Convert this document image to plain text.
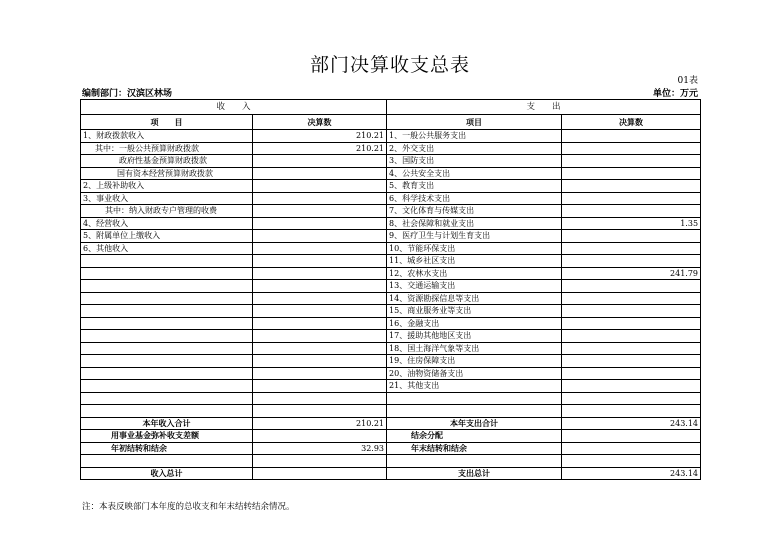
部门决算收支总表
01表
编制部门：汉滨区林场	单位：万元
收　　入		支　　出	
项　　目	决算数	项目	决算数
1、财政拨款收入	210.21	1、一般公共服务支出	
其中：一般公共预算财政拨款	210.21	2、外交支出	
政府性基金预算财政拨款		3、国防支出	
国有资本经营预算财政拨款		4、公共安全支出	
2、上级补助收入		5、教育支出	
3、事业收入		6、科学技术支出	
其中：纳入财政专户管理的收费		7、文化体育与传媒支出	
4、经营收入		8、社会保障和就业支出	1.35
5、附属单位上缴收入		9、医疗卫生与计划生育支出	
6、其他收入		10、节能环保支出	
		11、城乡社区支出	
		12、农林水支出	241.79
		13、交通运输支出	
		14、资源勘探信息等支出	
		15、商业服务业等支出	
		16、金融支出	
		17、援助其他地区支出	
		18、国土海洋气象等支出	
		19、住房保障支出	
		20、油物资储备支出	
		21、其他支出	

本年收入合计	210.21	本年支出合计	243.14
用事业基金弥补收支差额		结余分配	
年初结转和结余	32.93	年末结转和结余	

收入总计		支出总计	243.14
注：本表反映部门本年度的总收支和年末结转结余情况。
